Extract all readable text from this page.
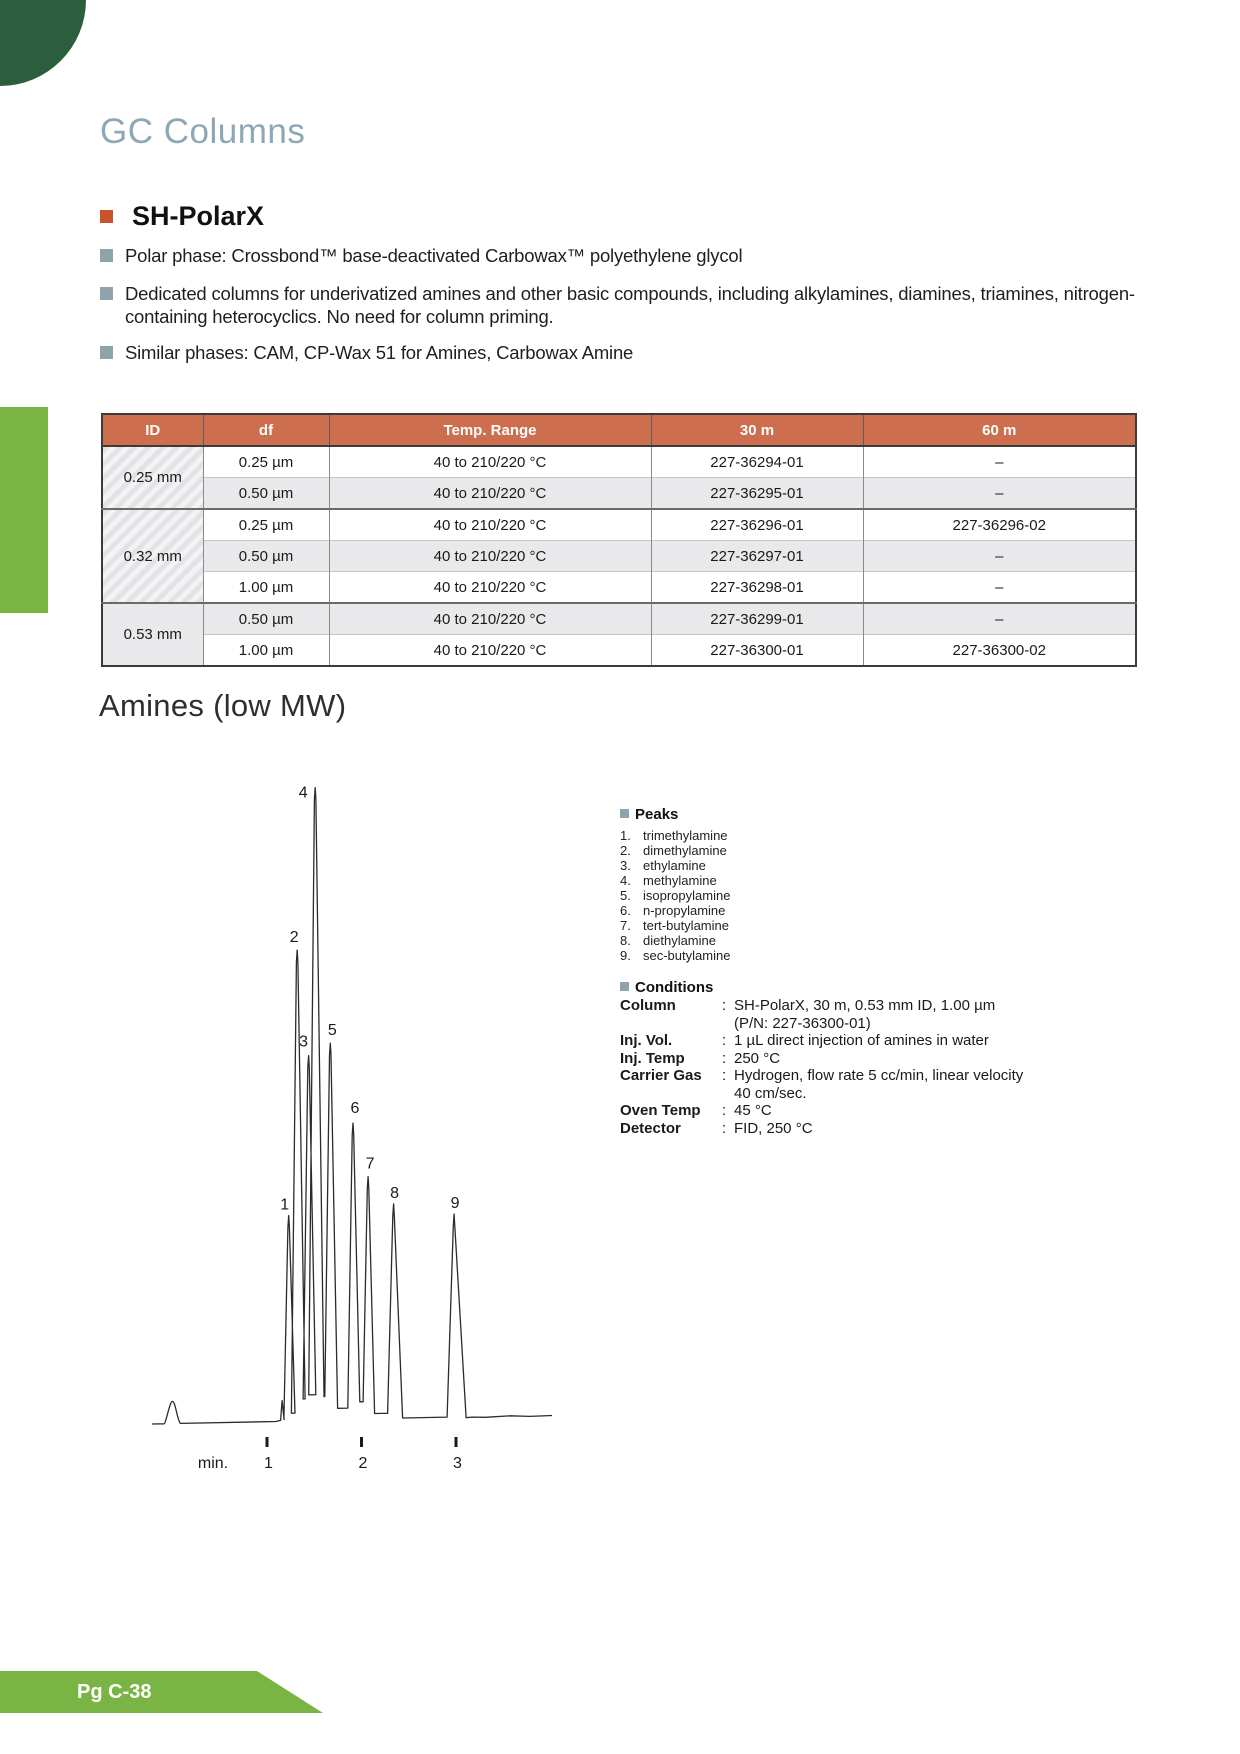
GC Columns
SH-PolarX
Polar phase: Crossbond™ base-deactivated Carbowax™ polyethylene glycol
Dedicated columns for underivatized amines and other basic compounds, including alkylamines, diamines, triamines, nitrogen-
containing heterocyclics. No need for column priming.
Similar phases: CAM, CP-Wax 51 for Amines, Carbowax Amine
ID	df	Temp. Range	30 m	60 m
0.25 mm	0.25 µm	40 to 210/220 °C	227-36294-01	–
	0.50 µm	40 to 210/220 °C	227-36295-01	–
0.32 mm	0.25 µm	40 to 210/220 °C	227-36296-01	227-36296-02
	0.50 µm	40 to 210/220 °C	227-36297-01	–
	1.00 µm	40 to 210/220 °C	227-36298-01	–
0.53 mm	0.50 µm	40 to 210/220 °C	227-36299-01	–
	1.00 µm	40 to 210/220 °C	227-36300-01	227-36300-02
Amines (low MW)
1
2
3
4
5
6
7
8
9
1	2	3
min.
Peaks
1. trimethylamine
2. dimethylamine
3. ethylamine
4. methylamine
5. isopropylamine
6. n-propylamine
7. tert-butylamine
8. diethylamine
9. sec-butylamine
Conditions
Column	: SH-PolarX, 30 m, 0.53 mm ID, 1.00 µm
(P/N: 227-36300-01)
Inj. Vol.	: 1 µL direct injection of amines in water
Inj. Temp : 250 °C
Carrier Gas : Hydrogen, flow rate 5 cc/min, linear velocity
40 cm/sec.
Oven Temp : 45 °C
Detector	: FID, 250 °C
Pg C-38
